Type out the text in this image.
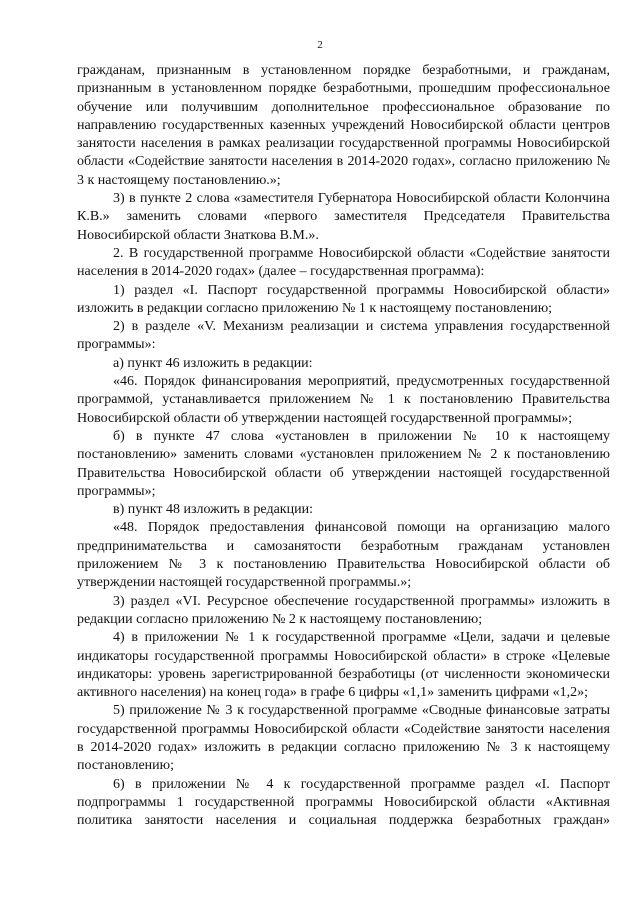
2

гражданам, признанным в установленном порядке безработными, и гражданам, признанным в установленном порядке безработными, прошедшим профессиональное обучение или получившим дополнительное профессиональное образование по направлению государственных казенных учреждений Новосибирской области центров занятости населения в рамках реализации государственной программы Новосибирской области «Содействие занятости населения в 2014-2020 годах», согласно приложению № 3 к настоящему постановлению.»;

3) в пункте 2 слова «заместителя Губернатора Новосибирской области Колончина К.В.» заменить словами «первого заместителя Председателя Правительства Новосибирской области Знаткова В.М.».

2. В государственной программе Новосибирской области «Содействие занятости населения в 2014-2020 годах» (далее – государственная программа):

1) раздел «I. Паспорт государственной программы Новосибирской области» изложить в редакции согласно приложению № 1 к настоящему постановлению;

2) в разделе «V. Механизм реализации и система управления государственной программы»:

а) пункт 46 изложить в редакции:

«46. Порядок финансирования мероприятий, предусмотренных государственной программой, устанавливается приложением № 1 к постановлению Правительства Новосибирской области об утверждении настоящей государственной программы»;

б) в пункте 47 слова «установлен в приложении № 10 к настоящему постановлению» заменить словами «установлен приложением № 2 к постановлению Правительства Новосибирской области об утверждении настоящей государственной программы»;

в) пункт 48 изложить в редакции:

«48. Порядок предоставления финансовой помощи на организацию малого предпринимательства и самозанятости безработным гражданам установлен приложением № 3 к постановлению Правительства Новосибирской области об утверждении настоящей государственной программы.»;

3) раздел «VI. Ресурсное обеспечение государственной программы» изложить в редакции согласно приложению № 2 к настоящему постановлению;

4) в приложении № 1 к государственной программе «Цели, задачи и целевые индикаторы государственной программы Новосибирской области» в строке «Целевые индикаторы: уровень зарегистрированной безработицы (от численности экономически активного населения) на конец года» в графе 6 цифры «1,1» заменить цифрами «1,2»;

5) приложение № 3 к государственной программе «Сводные финансовые затраты государственной программы Новосибирской области «Содействие занятости населения в 2014-2020 годах» изложить в редакции согласно приложению № 3 к настоящему постановлению;

6) в приложении № 4 к государственной программе раздел «I. Паспорт подпрограммы 1 государственной программы Новосибирской области «Активная политика занятости населения и социальная поддержка безработных граждан»
